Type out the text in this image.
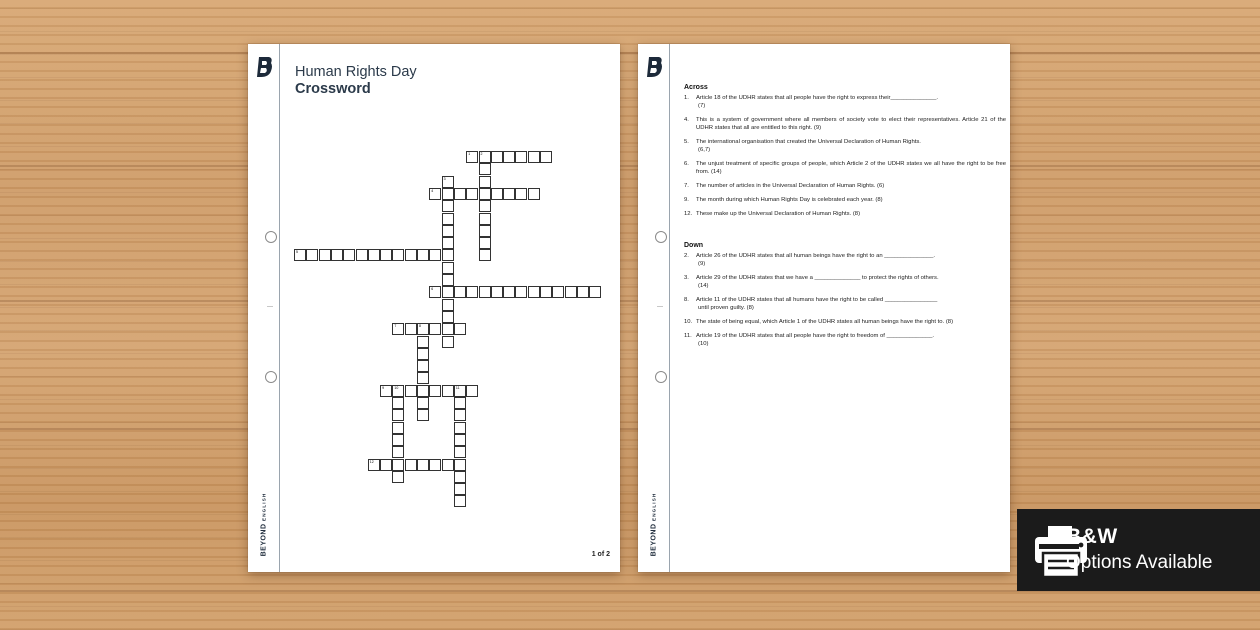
BEYOND ENGLISH
Human Rights Day
Crossword
1	2
3
4
5
6
7	8
9	10	11
12
1 of 2	BEYOND ENGLISH
Across
1. Article 18 of the UDHR states that all people have the right to express their______________.
(7)
4. This is a system of government where all members of society vote to elect their representatives. Article 21 of the UDHR states that all are entitled to this right. (9)
5. The international organisation that created the Universal Declaration of Human Rights.
(6,7)
6. The unjust treatment of specific groups of people, which Article 2 of the UDHR states we all have the right to be free from. (14)
7. The number of articles in the Universal Declaration of Human Rights. (6)
9. The month during which Human Rights Day is celebrated each year. (8)
12. These make up the Universal Declaration of Human Rights. (8)
Down
2. Article 26 of the UDHR states that all human beings have the right to an _______________.
(9)
3. Article 29 of the UDHR states that we have a ______________ to protect the rights of others.
(14)
8. Article 11 of the UDHR states that all humans have the right to be called ________________
until proven guilty. (8)
10. The state of being equal, which Article 1 of the UDHR states all human beings have the right to. (8)
11. Article 19 of the UDHR states that all people have the right to freedom of ______________.
(10)
B&W
Options Available
